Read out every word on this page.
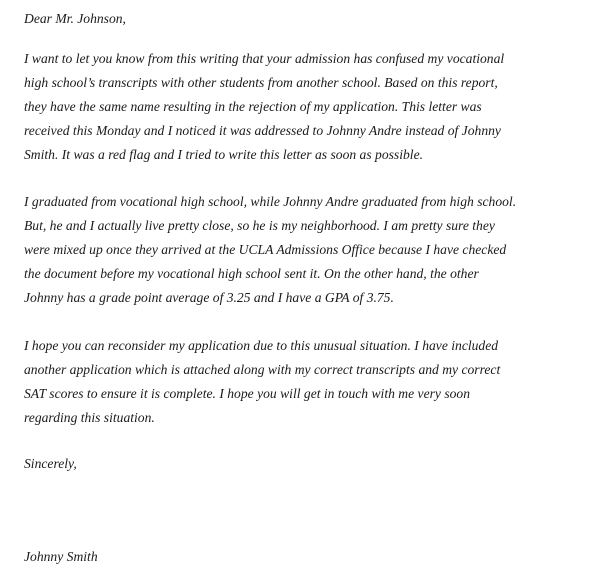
Dear Mr. Johnson,
I want to let you know from this writing that your admission has confused my vocational
high school’s transcripts with other students from another school. Based on this report,
they have the same name resulting in the rejection of my application. This letter was
received this Monday and I noticed it was addressed to Johnny Andre instead of Johnny
Smith. It was a red flag and I tried to write this letter as soon as possible.
I graduated from vocational high school, while Johnny Andre graduated from high school.
But, he and I actually live pretty close, so he is my neighborhood. I am pretty sure they
were mixed up once they arrived at the UCLA Admissions Office because I have checked
the document before my vocational high school sent it. On the other hand, the other
Johnny has a grade point average of 3.25 and I have a GPA of 3.75.
I hope you can reconsider my application due to this unusual situation. I have included
another application which is attached along with my correct transcripts and my correct
SAT scores to ensure it is complete. I hope you will get in touch with me very soon
regarding this situation.
Sincerely,
Johnny Smith
